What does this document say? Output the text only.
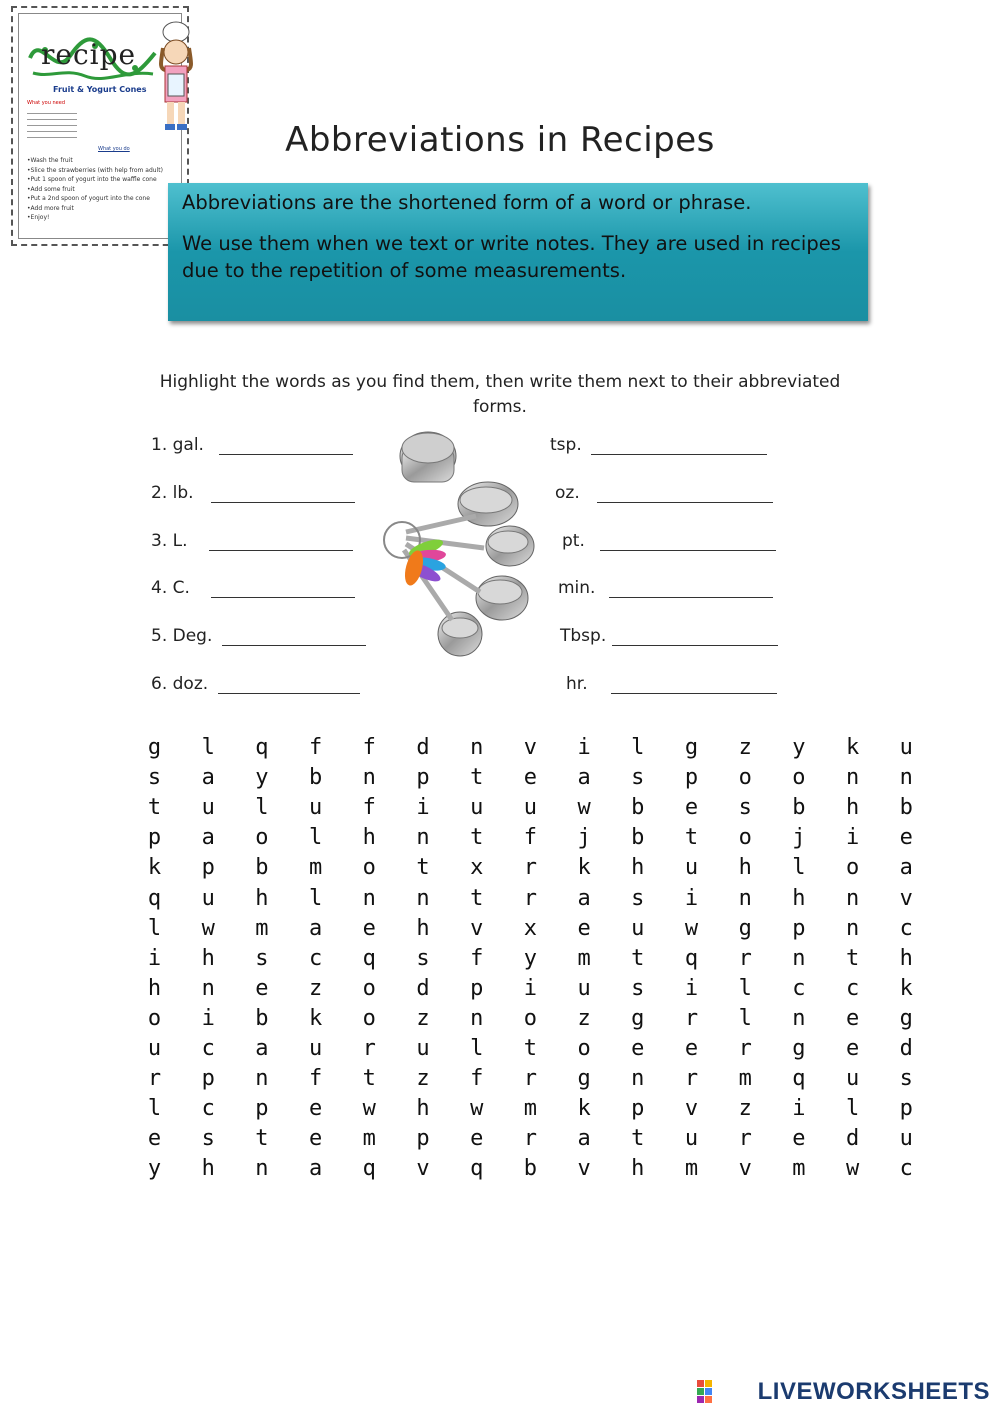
recipe
Fruit & Yogurt Cones
What you need
What you do
•Wash the fruit
•Slice the strawberries (with help from adult)
•Put 1 spoon of yogurt into the waffle cone
•Add some fruit
•Put a 2nd spoon of yogurt into the cone
•Add more fruit
•Enjoy!
Abbreviations in Recipes

Abbreviations are the shortened form of a word or phrase.

We use them when we text or write notes. They are used in recipes due to the repetition of some measurements.

Highlight the words as you find them, then write them next to their abbreviated forms.
1. gal.
2. lb.
3. L.
4. C.
5. Deg.
6. doz.
tsp.
oz.
pt.
min.
Tbsp.
hr.
g	l	q	f	f	d	n	v	i	l	g	z	y	k	u
s	a	y	b	n	p	t	e	a	s	p	o	o	n	n
t	u	l	u	f	i	u	u	w	b	e	s	b	h	b
p	a	o	l	h	n	t	f	j	b	t	o	j	i	e
k	p	b	m	o	t	x	r	k	h	u	h	l	o	a
q	u	h	l	n	n	t	r	a	s	i	n	h	n	v
l	w	m	a	e	h	v	x	e	u	w	g	p	n	c
i	h	s	c	q	s	f	y	m	t	q	r	n	t	h
h	n	e	z	o	d	p	i	u	s	i	l	c	c	k
o	i	b	k	o	z	n	o	z	g	r	l	n	e	g
u	c	a	u	r	u	l	t	o	e	e	r	g	e	d
r	p	n	f	t	z	f	r	g	n	r	m	q	u	s
l	c	p	e	w	h	w	m	k	p	v	z	i	l	p
e	s	t	e	m	p	e	r	a	t	u	r	e	d	u
y	h	n	a	q	v	q	b	v	h	m	v	m	w	c
LIVEWORKSHEETS
